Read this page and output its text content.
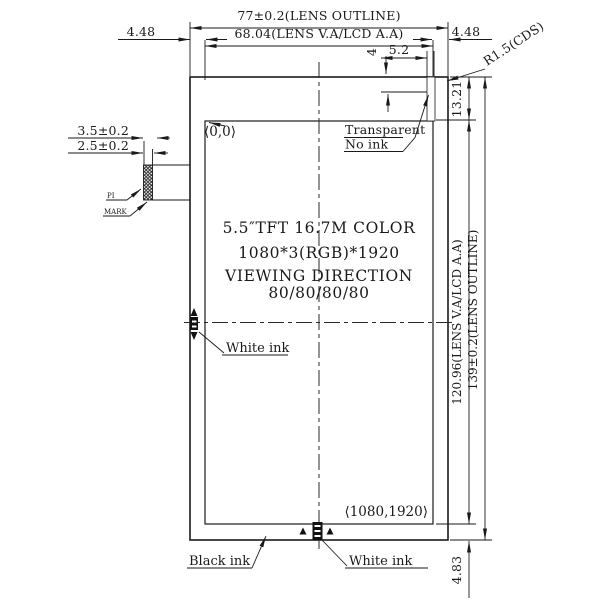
77±0.2(LENS OUTLINE)
68.04(LENS V.A/LCD A.A)
4.48	4.48
5.2
4	R1.5(CDS)
13.21
120.96(LENS V.A/LCD A.A) 139±0.2(LENS OUTLINE)
4.83
3.5±0.2
2.5±0.2
PI
MARK
White ink
White ink
Black ink
Transparent
No ink
⟨0,0⟩
⟨1080,1920⟩
5.5″TFT 16.7M COLOR
1080*3(RGB)*1920
VIEWING DIRECTION
80/80/80/80
